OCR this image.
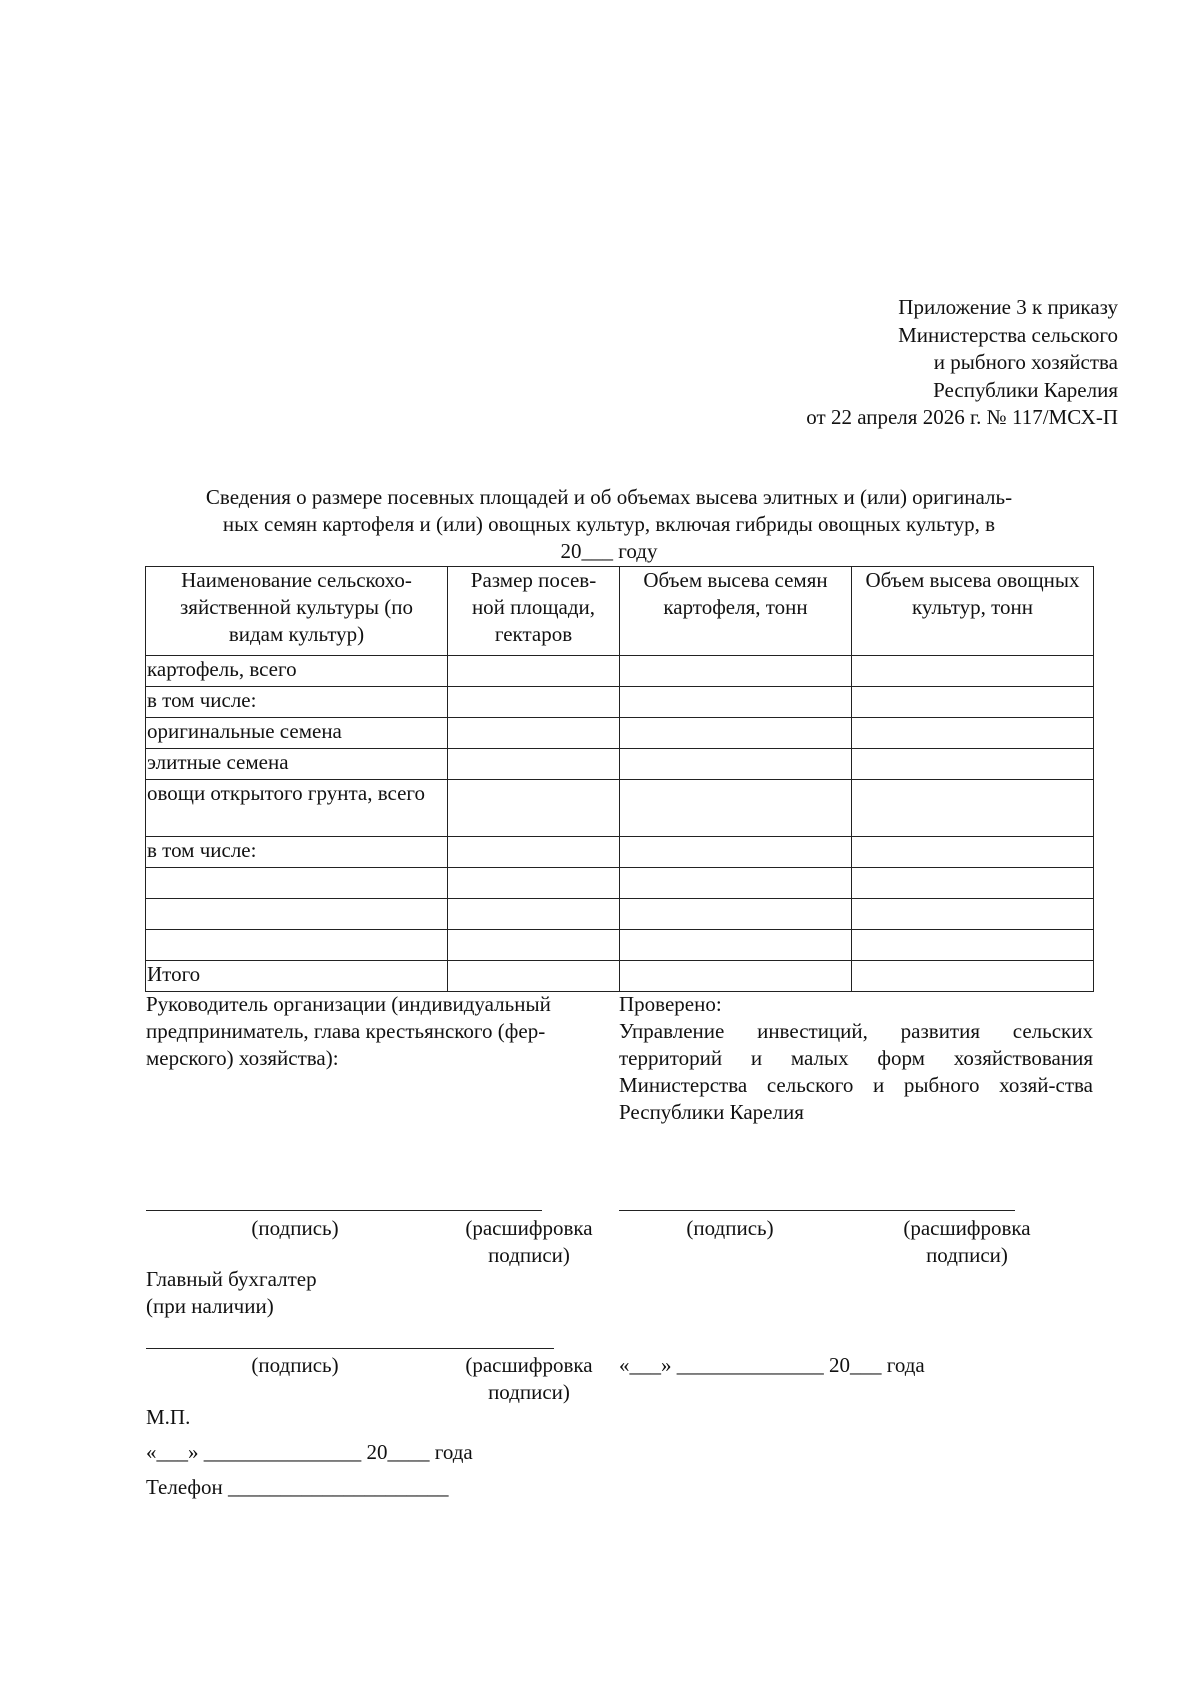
Приложение 3 к приказу
Министерства сельского
и рыбного хозяйства
Республики Карелия
от 22 апреля 2026 г. № 117/МСХ-П
Сведения о размере посевных площадей и об объемах высева элитных и (или) оригиналь-
ных семян картофеля и (или) овощных культур, включая гибриды овощных культур, в
20___ году
Наименование сельскохо-зяйственной культуры (по видам культур)	Размер посев-ной площади, гектаров	Объем высева семян картофеля, тонн	Объем высева овощных культур, тонн
картофель, всего			
в том числе:			
оригинальные семена			
элитные семена			
овощи открытого грунта, всего			
в том числе:			

Итого			
Руководитель организации (индивидуальный предприниматель, глава крестьянского (фер-мерского) хозяйства):
Проверено:
Управление инвестиций, развития сельских территорий и малых форм хозяйствования Министерства сельского и рыбного хозяй-ства Республики Карелия
(подпись)	(расшифровка
подписи)
(подпись)	(расшифровка
подписи)
Главный бухгалтер
(при наличии)
(подпись)	(расшифровка
подписи)
«___» ______________ 20___ года
М.П.
«___» _______________ 20____ года
Телефон _____________________
